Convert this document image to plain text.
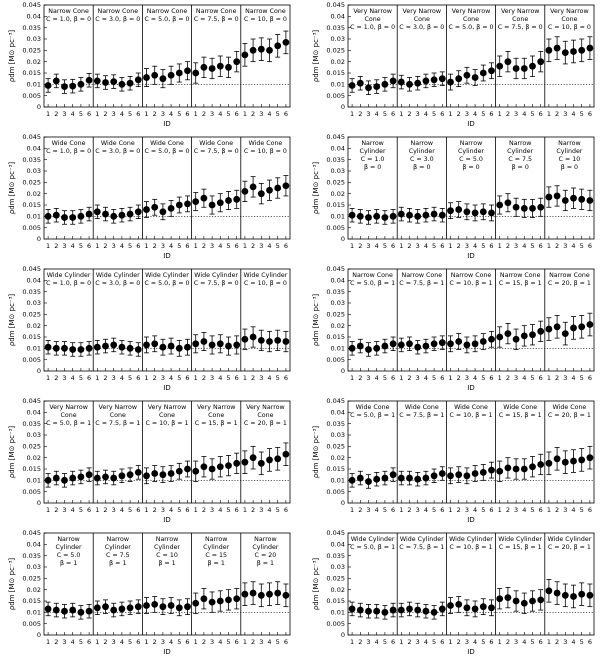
0
0.005
0.01
0.015
0.02
0.025
0.03
0.035
0.04
0.045
ρdm [M⊙ pc⁻³]
Narrow Cone
C = 1.0, β = 0
1 2 3 4 5 6
Narrow Cone
C = 3.0, β = 0
1 2 3 4 5 6
Narrow Cone
C = 5.0, β = 0
1 2 3 4 5 6
Narrow Cone
C = 7.5, β = 0
1 2 3 4 5 6
Narrow Cone
C = 10, β = 0
1 2 3 4 5 6
ID
0
0.005
0.01
0.015
0.02
0.025
0.03
0.035
0.04
0.045
ρdm [M⊙ pc⁻³]
Very Narrow
Cone
C = 1.0, β = 0
1 2 3 4 5 6
Very Narrow
Cone
C = 3.0, β = 0
1 2 3 4 5 6
Very Narrow
Cone
C = 5.0, β = 0
1 2 3 4 5 6
Very Narrow
Cone
C = 7.5, β = 0
1 2 3 4 5 6
Very Narrow
Cone
C = 10, β = 0
1 2 3 4 5 6
ID
0
0.005
0.01
0.015
0.02
0.025
0.03
0.035
0.04
0.045
ρdm [M⊙ pc⁻³]
Wide Cone
C = 1.0, β = 0
1 2 3 4 5 6
Wide Cone
C = 3.0, β = 0
1 2 3 4 5 6
Wide Cone
C = 5.0, β = 0
1 2 3 4 5 6
Wide Cone
C = 7.5, β = 0
1 2 3 4 5 6
Wide Cone
C = 10, β = 0
1 2 3 4 5 6
ID
0
0.005
0.01
0.015
0.02
0.025
0.03
0.035
0.04
0.045
ρdm [M⊙ pc⁻³]
Narrow
Cylinder
C = 1.0
β = 0
1 2 3 4 5 6
Narrow
Cylinder
C = 3.0
β = 0
1 2 3 4 5 6
Narrow
Cylinder
C = 5.0
β = 0
1 2 3 4 5 6
Narrow
Cylinder
C = 7.5
β = 0
1 2 3 4 5 6
Narrow
Cylinder
C = 10
β = 0
1 2 3 4 5 6
ID
0
0.005
0.01
0.015
0.02
0.025
0.03
0.035
0.04
0.045
ρdm [M⊙ pc⁻³]
Wide Cylinder
C = 1.0, β = 0
1 2 3 4 5 6
Wide Cylinder
C = 3.0, β = 0
1 2 3 4 5 6
Wide Cylinder
C = 5.0, β = 0
1 2 3 4 5 6
Wide Cylinder
C = 7.5, β = 0
1 2 3 4 5 6
Wide Cylinder
C = 10, β = 0
1 2 3 4 5 6
ID
0
0.005
0.01
0.015
0.02
0.025
0.03
0.035
0.04
0.045
ρdm [M⊙ pc⁻³]
Narrow Cone
C = 5.0, β = 1
1 2 3 4 5 6
Narrow Cone
C = 7.5, β = 1
1 2 3 4 5 6
Narrow Cone
C = 10, β = 1
1 2 3 4 5 6
Narrow Cone
C = 15, β = 1
1 2 3 4 5 6
Narrow Cone
C = 20, β = 1
1 2 3 4 5 6
ID
0
0.005
0.01
0.015
0.02
0.025
0.03
0.035
0.04
0.045
ρdm [M⊙ pc⁻³]
Very Narrow
Cone
C = 5.0, β = 1
1 2 3 4 5 6
Very Narrow
Cone
C = 7.5, β = 1
1 2 3 4 5 6
Very Narrow
Cone
C = 10, β = 1
1 2 3 4 5 6
Very Narrow
Cone
C = 15, β = 1
1 2 3 4 5 6
Very Narrow
Cone
C = 20, β = 1
1 2 3 4 5 6
ID
0
0.005
0.01
0.015
0.02
0.025
0.03
0.035
0.04
0.045
ρdm [M⊙ pc⁻³]
Wide Cone
C = 5.0, β = 1
1 2 3 4 5 6
Wide Cone
C = 7.5, β = 1
1 2 3 4 5 6
Wide Cone
C = 10, β = 1
1 2 3 4 5 6
Wide Cone
C = 15, β = 1
1 2 3 4 5 6
Wide Cone
C = 20, β = 1
1 2 3 4 5 6
ID
0
0.005
0.01
0.015
0.02
0.025
0.03
0.035
0.04
0.045
ρdm [M⊙ pc⁻³]
Narrow
Cylinder
C = 5.0
β = 1
1 2 3 4 5 6
Narrow
Cylinder
C = 7.5
β = 1
1 2 3 4 5 6
Narrow
Cylinder
C = 10
β = 1
1 2 3 4 5 6
Narrow
Cylinder
C = 15
β = 1
1 2 3 4 5 6
Narrow
Cylinder
C = 20
β = 1
1 2 3 4 5 6
ID
0
0.005
0.01
0.015
0.02
0.025
0.03
0.035
0.04
0.045
ρdm [M⊙ pc⁻³]
Wide Cylinder
C = 5.0, β = 1
1 2 3 4 5 6
Wide Cylinder
C = 7.5, β = 1
1 2 3 4 5 6
Wide Cylinder
C = 10, β = 1
1 2 3 4 5 6
Wide Cylinder
C = 15, β = 1
1 2 3 4 5 6
Wide Cylinder
C = 20, β = 1
1 2 3 4 5 6
ID
